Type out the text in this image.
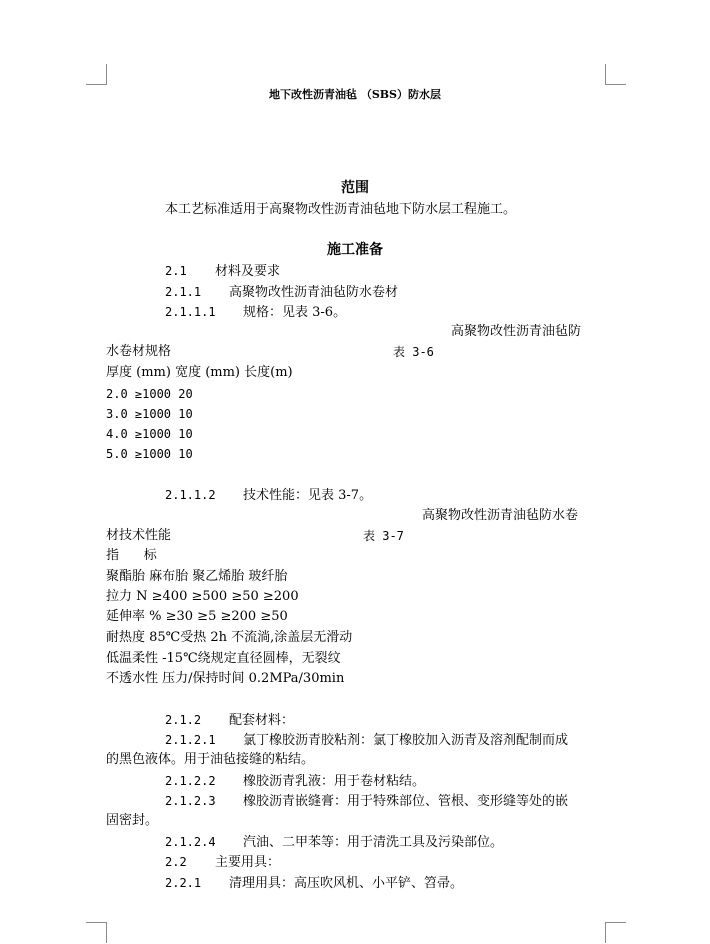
地下改性沥青油毡 （SBS）防水层
范围
本工艺标准适用于高聚物改性沥青油毡地下防水层工程施工。
施工准备
2.1 材料及要求
2.1.1 高聚物改性沥青油毡防水卷材
2.1.1.1 规格：见表 3-6。
高聚物改性沥青油毡防
水卷材规格	表 3-6
厚度 (mm) 宽度 (mm) 长度(m)
2.0 ≥1000 20
3.0 ≥1000 10
4.0 ≥1000 10
5.0 ≥1000 10
2.1.1.2 技术性能：见表 3-7。
高聚物改性沥青油毡防水卷
材技术性能	表 3-7
指      标
聚酯胎 麻布胎 聚乙烯胎 玻纤胎
拉力 N ≥400 ≥500 ≥50 ≥200
延伸率 % ≥30 ≥5 ≥200 ≥50
耐热度 85℃受热 2h 不流淌,涂盖层无滑动
低温柔性 -15℃绕规定直径圆棒，无裂纹
不透水性 压力/保持时间 0.2MPa/30min
2.1.2 配套材料：
2.1.2.1 氯丁橡胶沥青胶粘剂：氯丁橡胶加入沥青及溶剂配制而成
的黑色液体。用于油毡接缝的粘结。
2.1.2.2 橡胶沥青乳液：用于卷材粘结。
2.1.2.3 橡胶沥青嵌缝膏：用于特殊部位、管根、变形缝等处的嵌
固密封。
2.1.2.4 汽油、二甲苯等：用于清洗工具及污染部位。
2.2 主要用具：
2.2.1 清理用具：高压吹风机、小平铲、笤帚。
